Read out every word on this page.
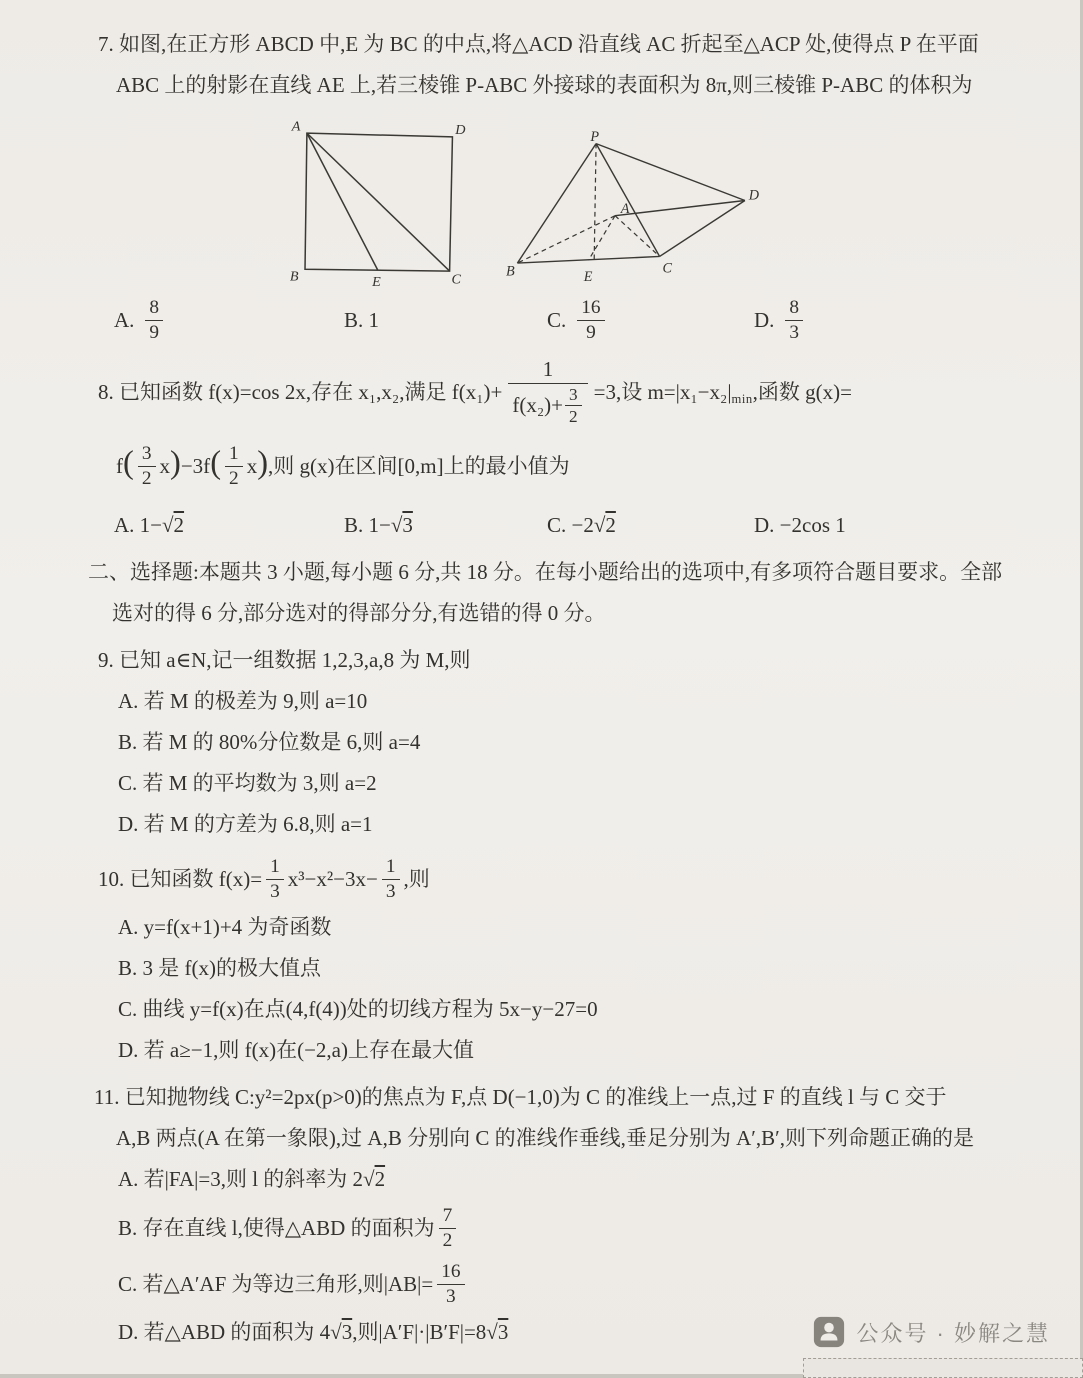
7. 如图,在正方形 ABCD 中,E 为 BC 的中点,将△ACD 沿直线 AC 折起至△ACP 处,使得点 P 在平面

ABC 上的射影在直线 AE 上,若三棱锥 P-ABC 外接球的表面积为 8π,则三棱锥 P-ABC 的体积为

A	D
B	C
E
P
A
B	E
C
D
A. $\frac{8}{9}$	B. 1	C. $\frac{16}{9}$	D. $\frac{8}{3}$
8. 已知函数 f(x)=cos 2x,存在 x₁,x₂,满足 $f(x_1)+ \frac{1}{f(x_2)+ \frac{3}{2}} =3$,设 m=|x₁−x₂| min ,函数 g(x)=
f ( $\frac{3}{2}$ x ) −3f ( $\frac{1}{2}$ x ) ,则 g(x)在区间[0,m]上的最小值为
A. 1−√ 2	B. 1−√ 3	C. −2√ 2	D. −2cos 1

二、选择题:本题共 3 小题,每小题 6 分,共 18 分。在每小题给出的选项中,有多项符合题目要求。全部

选对的得 6 分,部分选对的得部分分,有选错的得 0 分。

9. 已知 a∈N,记一组数据 1,2,3,a,8 为 M,则

A. 若 M 的极差为 9,则 a=10

B. 若 M 的 80%分位数是 6,则 a=4

C. 若 M 的平均数为 3,则 a=2

D. 若 M 的方差为 6.8,则 a=1

10. 已知函数 $f(x)= \frac{1}{3} x^3-x^2-3x- \frac{1}{3}$ ,则

A. y=f(x+1)+4 为奇函数

B. 3 是 f(x)的极大值点

C. 曲线 y=f(x)在点(4,f(4))处的切线方程为 5x−y−27=0

D. 若 a≥−1,则 f(x)在(−2,a)上存在最大值

11. 已知抛物线 C:y²=2px(p>0)的焦点为 F,点 D(−1,0)为 C 的准线上一点,过 F 的直线 l 与 C 交于

A,B 两点(A 在第一象限),过 A,B 分别向 C 的准线作垂线,垂足分别为 A′,B′,则下列命题正确的是

A. 若|FA|=3,则 l 的斜率为 2√2

B. 存在直线 l,使得△ABD 的面积为 $\frac{7}{2}$
C. 若△A′AF 为等边三角形,则$|AB|= \frac{16}{3}$

D. 若△ABD 的面积为 4√3,则|A′F|·|B′F|=8√3	公众号 · 妙解之慧
